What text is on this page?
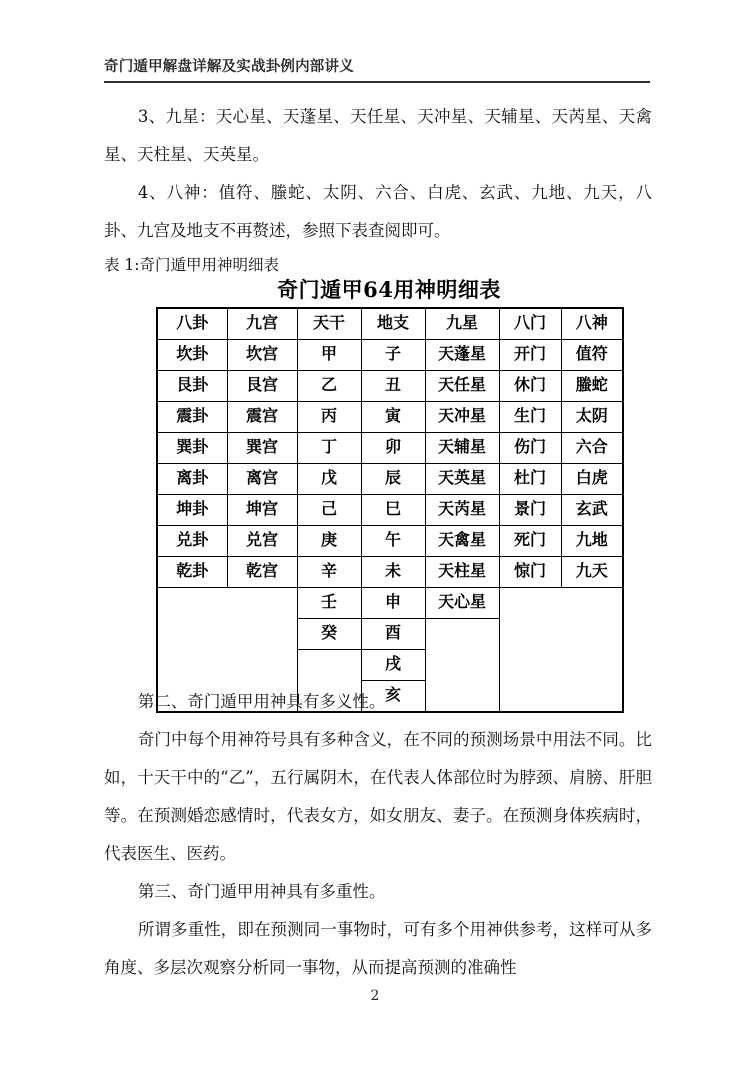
奇门遁甲解盘详解及实战卦例内部讲义
3、九星：天心星、天蓬星、天任星、天冲星、天辅星、天芮星、天禽星、天柱星、天英星。
4、八神：值符、螣蛇、太阴、六合、白虎、玄武、九地、九天，八卦、九宫及地支不再赘述，参照下表查阅即可。
表 1:奇门遁甲用神明细表
奇门遁甲64用神明细表
八卦	九宫	天干	地支	九星	八门	八神
坎卦	坎宫	甲	子	天蓬星	开门	值符
艮卦	艮宫	乙	丑	天任星	休门	螣蛇
震卦	震宫	丙	寅	天冲星	生门	太阴
巽卦	巽宫	丁	卯	天辅星	伤门	六合
离卦	离宫	戊	辰	天英星	杜门	白虎
坤卦	坤宫	己	巳	天芮星	景门	玄武
兑卦	兑宫	庚	午	天禽星	死门	九地
乾卦	乾宫	辛	未	天柱星	惊门	九天
		壬	申	天心星		
		癸	酉			
			戌			
			亥			
第二、奇门遁甲用神具有多义性。
奇门中每个用神符号具有多种含义，在不同的预测场景中用法不同。比如，十天干中的“乙”，五行属阴木，在代表人体部位时为脖颈、肩膀、肝胆等。在预测婚恋感情时，代表女方，如女朋友、妻子。在预测身体疾病时，代表医生、医药。
第三、奇门遁甲用神具有多重性。
所谓多重性，即在预测同一事物时，可有多个用神供参考，这样可从多角度、多层次观察分析同一事物，从而提高预测的准确性
2
